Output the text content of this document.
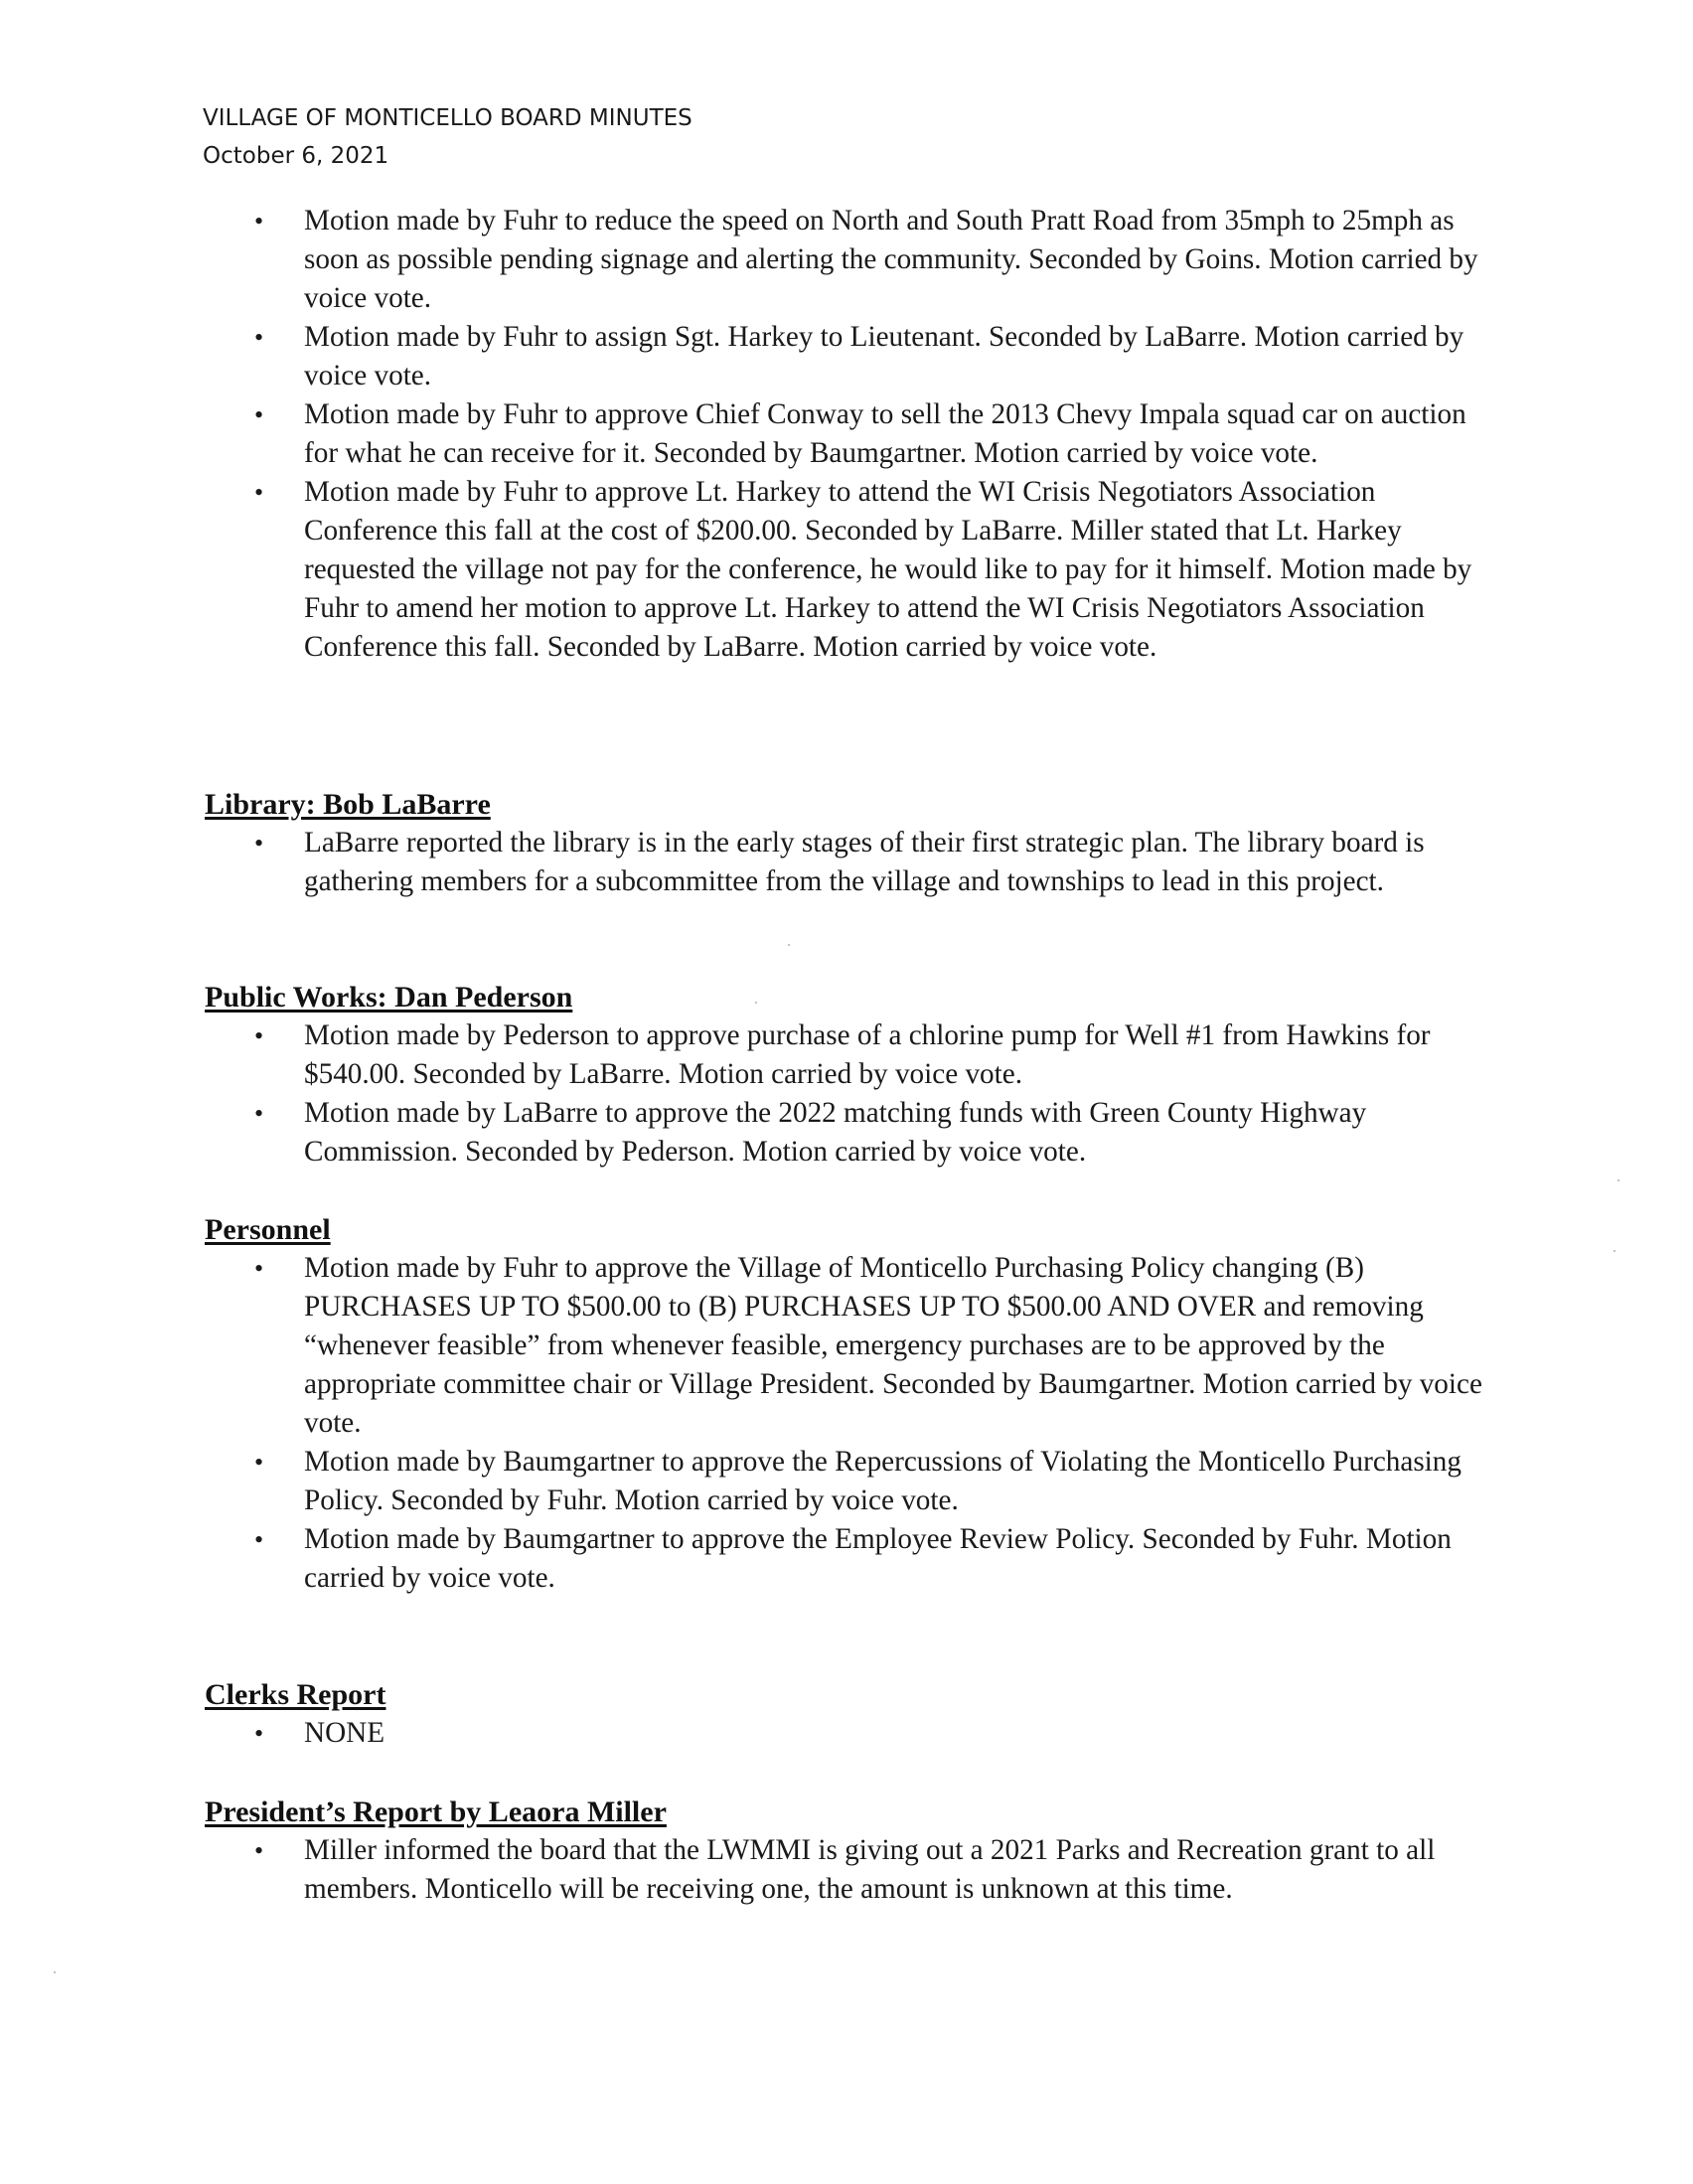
VILLAGE OF MONTICELLO BOARD MINUTES
October 6, 2021
• Motion made by Fuhr to reduce the speed on North and South Pratt Road from 35mph to 25mph as soon as possible pending signage and alerting the community. Seconded by Goins. Motion carried by voice vote.
• Motion made by Fuhr to assign Sgt. Harkey to Lieutenant. Seconded by LaBarre. Motion carried by voice vote.
• Motion made by Fuhr to approve Chief Conway to sell the 2013 Chevy Impala squad car on auction for what he can receive for it. Seconded by Baumgartner. Motion carried by voice vote.
• Motion made by Fuhr to approve Lt. Harkey to attend the WI Crisis Negotiators Association Conference this fall at the cost of $200.00. Seconded by LaBarre. Miller stated that Lt. Harkey requested the village not pay for the conference, he would like to pay for it himself. Motion made by Fuhr to amend her motion to approve Lt. Harkey to attend the WI Crisis Negotiators Association Conference this fall. Seconded by LaBarre. Motion carried by voice vote.
Library: Bob LaBarre
• LaBarre reported the library is in the early stages of their first strategic plan. The library board is gathering members for a subcommittee from the village and townships to lead in this project.
Public Works: Dan Pederson
• Motion made by Pederson to approve purchase of a chlorine pump for Well #1 from Hawkins for $540.00. Seconded by LaBarre. Motion carried by voice vote.
• Motion made by LaBarre to approve the 2022 matching funds with Green County Highway Commission. Seconded by Pederson. Motion carried by voice vote.
Personnel
• Motion made by Fuhr to approve the Village of Monticello Purchasing Policy changing (B) PURCHASES UP TO $500.00 to (B) PURCHASES UP TO $500.00 AND OVER and removing “whenever feasible” from whenever feasible, emergency purchases are to be approved by the appropriate committee chair or Village President. Seconded by Baumgartner. Motion carried by voice vote.
• Motion made by Baumgartner to approve the Repercussions of Violating the Monticello Purchasing Policy. Seconded by Fuhr. Motion carried by voice vote.
• Motion made by Baumgartner to approve the Employee Review Policy. Seconded by Fuhr. Motion carried by voice vote.
Clerks Report
• NONE
President’s Report by Leaora Miller
• Miller informed the board that the LWMMI is giving out a 2021 Parks and Recreation grant to all members. Monticello will be receiving one, the amount is unknown at this time.
